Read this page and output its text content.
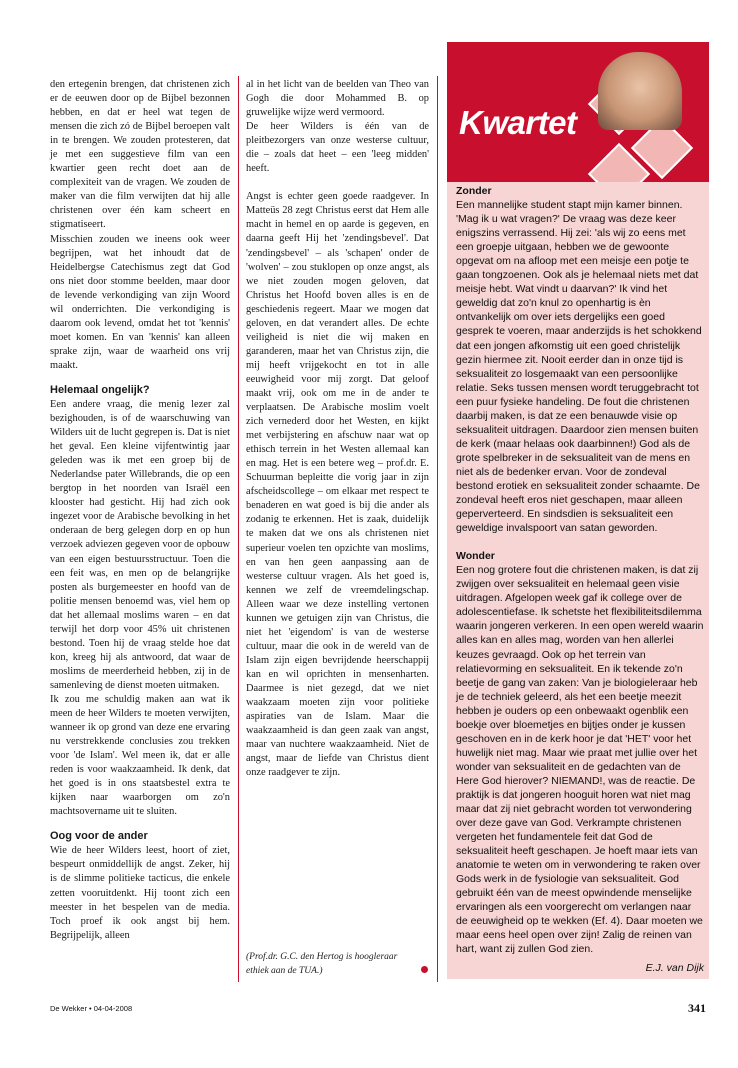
den ertegenin brengen, dat christenen zich er de eeuwen door op de Bijbel bezonnen hebben, en dat er heel wat tegen de mensen die zich zó de Bijbel beroepen valt in te brengen. We zouden protesteren, dat je met een suggestieve film van een kwartier geen recht doet aan de complexiteit van de vragen. We zouden de maker van die film verwijten dat hij alle christenen over één kam scheert en stigmatiseert.

Misschien zouden we ineens ook weer begrijpen, wat het inhoudt dat de Heidelbergse Catechismus zegt dat God ons niet door stomme beelden, maar door de levende verkondiging van zijn Woord wil onderrichten. Die verkondiging is daarom ook levend, omdat het tot 'kennis' moet komen. En van 'kennis' kan alleen sprake zijn, waar de waarheid ons vrij maakt.

Helemaal ongelijk?

Een andere vraag, die menig lezer zal bezighouden, is of de waarschuwing van Wilders uit de lucht gegrepen is. Dat is niet het geval. Een kleine vijfentwintig jaar geleden was ik met een groep bij de Nederlandse pater Willebrands, die op een bergtop in het noorden van Israël een klooster had gesticht. Hij had zich ook ingezet voor de Arabische bevolking in het onderaan de berg gelegen dorp en op hun verzoek adviezen gegeven voor de opbouw van een eigen bestuursstructuur. Toen die een feit was, en men op de belangrijke posten als burgemeester en hoofd van de politie mensen benoemd was, viel hem op dat het allemaal moslims waren – en dat terwijl het dorp voor 45% uit christenen bestond. Toen hij de vraag stelde hoe dat kon, kreeg hij als antwoord, dat waar de moslims de meerderheid hebben, zij in de samenleving de dienst moeten uitmaken.

Ik zou me schuldig maken aan wat ik meen de heer Wilders te moeten verwijten, wanneer ik op grond van deze ene ervaring nu verstrekkende conclusies zou trekken voor 'de Islam'. Wel meen ik, dat er alle reden is voor waakzaamheid. Ik denk, dat het goed is in ons staatsbestel extra te kijken naar waarborgen om zo'n machtsovername uit te sluiten.

Oog voor de ander

Wie de heer Wilders leest, hoort of ziet, bespeurt onmiddellijk de angst. Zeker, hij is de slimme politieke tacticus, die enkele zetten vooruitdenkt. Hij toont zich een meester in het bespelen van de media. Toch proef ik ook angst bij hem. Begrijpelijk, alleen

al in het licht van de beelden van Theo van Gogh die door Mohammed B. op gruwelijke wijze werd vermoord.

De heer Wilders is één van de pleitbezorgers van onze westerse cultuur, die – zoals dat heet – een 'leeg midden' heeft.

Angst is echter geen goede raadgever. In Matteüs 28 zegt Christus eerst dat Hem alle macht in hemel en op aarde is gegeven, en daarna geeft Hij het 'zendingsbevel'. Dat 'zendingsbevel' – als 'schapen' onder de 'wolven' – zou stuklopen op onze angst, als we niet zouden mogen geloven, dat Christus het Hoofd boven alles is en de geschiedenis regeert. Maar we mogen dat geloven, en dat verandert alles. De echte veiligheid is niet die wij maken en garanderen, maar het van Christus zijn, die mij heeft vrijgekocht en tot in alle eeuwigheid voor mij zorgt. Dat geloof maakt vrij, ook om me in de ander te verplaatsen. De Arabische moslim voelt zich vernederd door het Westen, en kijkt met verbijstering en afschuw naar wat op ethisch terrein in het Westen allemaal kan en mag. Het is een betere weg – prof.dr. E. Schuurman bepleitte die vorig jaar in zijn afscheidscollege – om elkaar met respect te benaderen en wat goed is bij die ander als zodanig te erkennen. Het is zaak, duidelijk te maken dat we ons als christenen niet superieur voelen ten opzichte van moslims, en van hen geen aanpassing aan de westerse cultuur vragen. Als het goed is, kennen we zelf de vreemdelingschap. Alleen waar we deze instelling vertonen kunnen we getuigen zijn van Christus, die niet het 'eigendom' is van de westerse cultuur, maar die ook in de wereld van de Islam zijn eigen bevrijdende heerschappij kan en wil oprichten in mensenharten. Daarmee is niet gezegd, dat we niet waakzaam moeten zijn voor politieke aspiraties van de Islam. Maar die waakzaamheid is dan geen zaak van angst, maar van nuchtere waakzaamheid. Niet de angst, maar de liefde van Christus dient onze raadgever te zijn.

(Prof.dr. G.C. den Hertog is hoogleraar ethiek aan de TUA.)
Kwartet
Zonder

Een mannelijke student stapt mijn kamer binnen. 'Mag ik u wat vragen?' De vraag was deze keer enigszins verrassend. Hij zei: 'als wij zo eens met een groepje uitgaan, hebben we de gewoonte opgevat om na afloop met een meisje een potje te gaan tongzoenen. Ook als je helemaal niets met dat meisje hebt. Wat vindt u daarvan?' Ik vind het geweldig dat zo'n knul zo openhartig is èn ontvankelijk om over iets dergelijks een goed gesprek te voeren, maar anderzijds is het schokkend dat een jongen afkomstig uit een goed christelijk gezin hiermee zit. Nooit eerder dan in onze tijd is seksualiteit zo losgemaakt van een persoonlijke relatie. Seks tussen mensen wordt teruggebracht tot een puur fysieke handeling. De fout die christenen daarbij maken, is dat ze een benauwde visie op seksualiteit uitdragen. Daardoor zien mensen buiten de kerk (maar helaas ook daarbinnen!) God als de grote spelbreker in de seksualiteit van de mens en niet als de bedenker ervan. Voor de zondeval bestond erotiek en seksualiteit zonder schaamte. De zondeval heeft eros niet geschapen, maar alleen geperverteerd. En sindsdien is seksualiteit een geweldige invalspoort van satan geworden.

Wonder

Een nog grotere fout die christenen maken, is dat zij zwijgen over seksualiteit en helemaal geen visie uitdragen. Afgelopen week gaf ik college over de adolescentiefase. Ik schetste het flexibiliteitsdilemma waarin jongeren verkeren. In een open wereld waarin alles kan en alles mag, worden van hen allerlei keuzes gevraagd. Ook op het terrein van relatievorming en seksualiteit. En ik tekende zo'n beetje de gang van zaken: Van je biologieleraar heb je de techniek geleerd, als het een beetje meezit hebben je ouders op een onbewaakt ogenblik een boekje over bloemetjes en bijtjes onder je kussen geschoven en in de kerk hoor je dat 'HET' voor het huwelijk niet mag. Maar wie praat met jullie over het wonder van seksualiteit en de gedachten van de Here God hierover? NIEMAND!, was de reactie. De praktijk is dat jongeren hooguit horen wat niet mag maar dat zij niet gebracht worden tot verwondering over deze gave van God. Verkrampte christenen vergeten het fundamentele feit dat God de seksualiteit heeft geschapen. Je hoeft maar iets van anatomie te weten om in verwondering te raken over Gods werk in de fysiologie van seksualiteit. God gebruikt één van de meest opwindende menselijke ervaringen als een voorgerecht om verlangen naar de eeuwigheid op te wekken (Ef. 4). Daar moeten we maar eens heel open over zijn! Zalig de reinen van hart, want zij zullen God zien.

E.J. van Dijk

De Wekker • 04-04-2008	341
